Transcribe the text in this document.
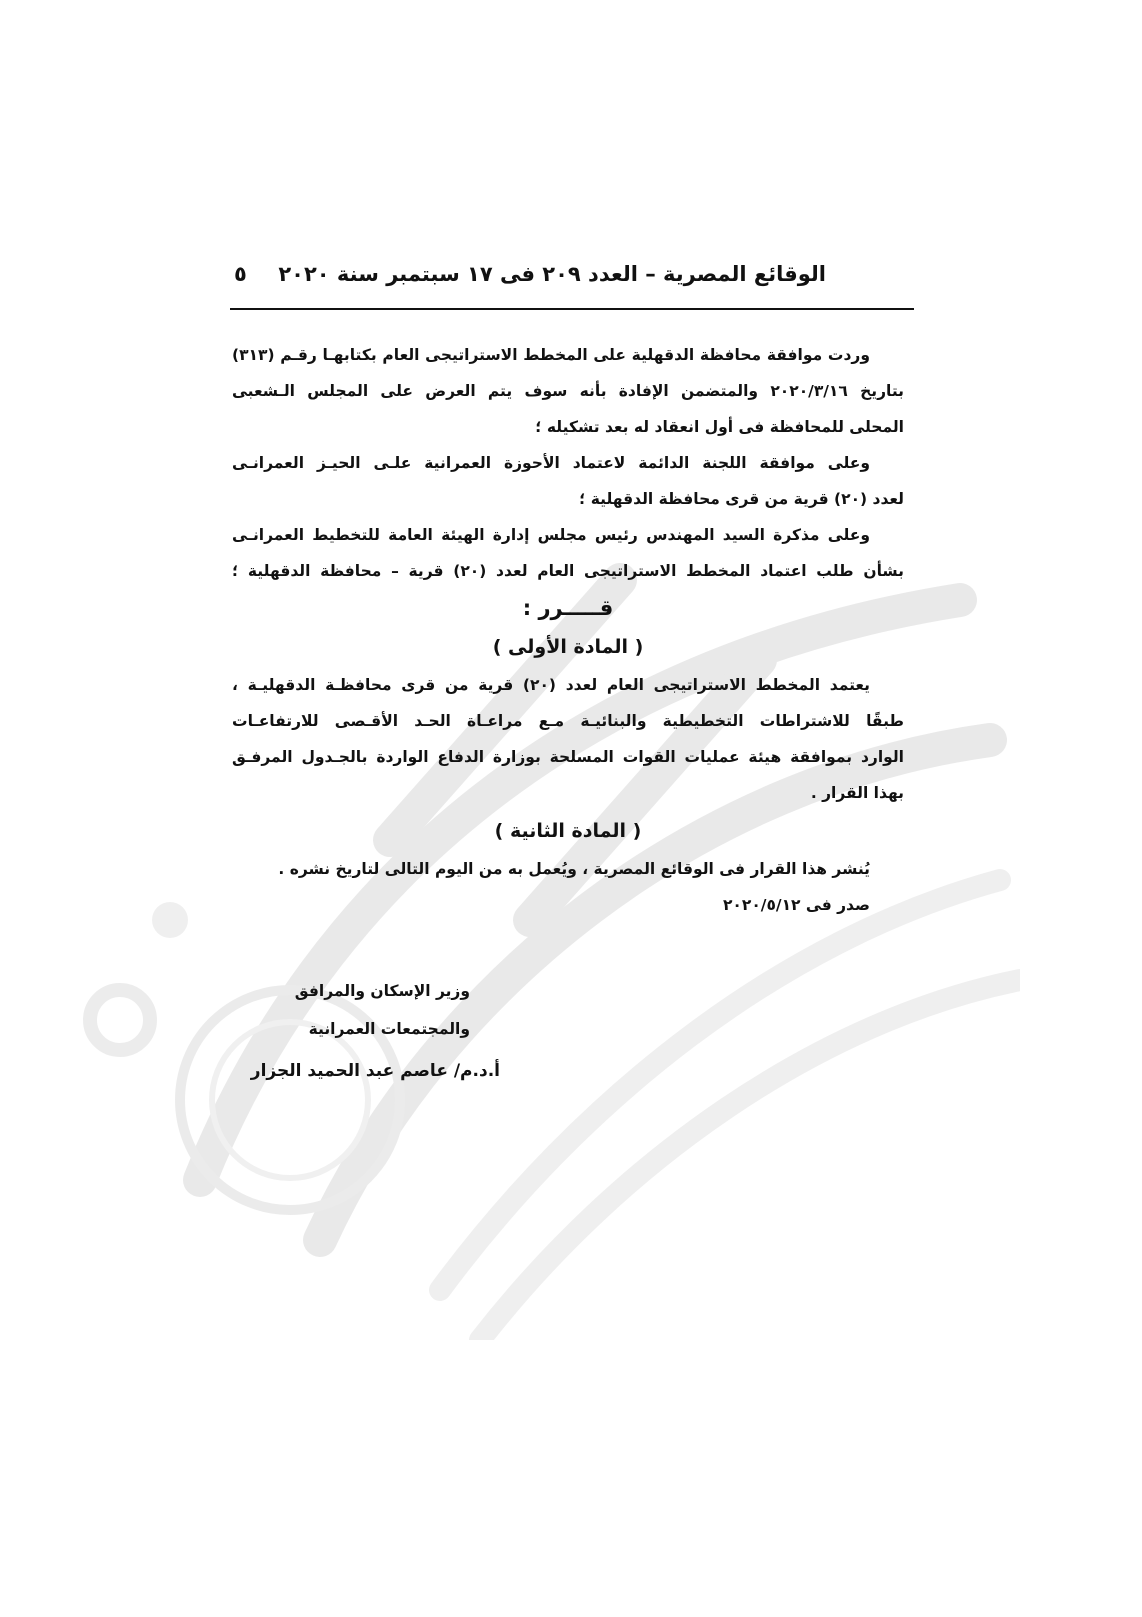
الوقائع المصرية – العدد ٢٠٩ فى ١٧ سبتمبر سنة ٢٠٢٠
٥
وردت موافقة محافظة الدقهلية على المخطط الاستراتيجى العام بكتابهـا رقـم (٣١٣)
بتاريخ ٢٠٢٠/٣/١٦ والمتضمن الإفادة بأنه سوف يتم العرض على المجلس الـشعبى
المحلى للمحافظة فى أول انعقاد له بعد تشكيله ؛
وعلى موافقة اللجنة الدائمة لاعتماد الأحوزة العمرانية علـى الحيـز العمرانـى
لعدد (٢٠) قرية من قرى محافظة الدقهلية ؛
وعلى مذكرة السيد المهندس رئيس مجلس إدارة الهيئة العامة للتخطيط العمرانـى
بشأن طلب اعتماد المخطط الاستراتيجى العام لعدد (٢٠) قرية – محافظة الدقهلية ؛
قـــــرر :
( المادة الأولى )
يعتمد المخطط الاستراتيجى العام لعدد (٢٠) قرية من قرى محافظـة الدقهليـة ،
طبقًا للاشتراطات التخطيطية والبنائيـة مـع مراعـاة الحـد الأقـصى للارتفاعـات
الوارد بموافقة هيئة عمليات القوات المسلحة بوزارة الدفاع الواردة بالجـدول المرفـق
بهذا القرار .
( المادة الثانية )
يُنشر هذا القرار فى الوقائع المصرية ، ويُعمل به من اليوم التالى لتاريخ نشره .
صدر فى ٢٠٢٠/٥/١٢
وزير الإسكان والمرافق
والمجتمعات العمرانية
أ.د.م/ عاصم عبد الحميد الجزار
